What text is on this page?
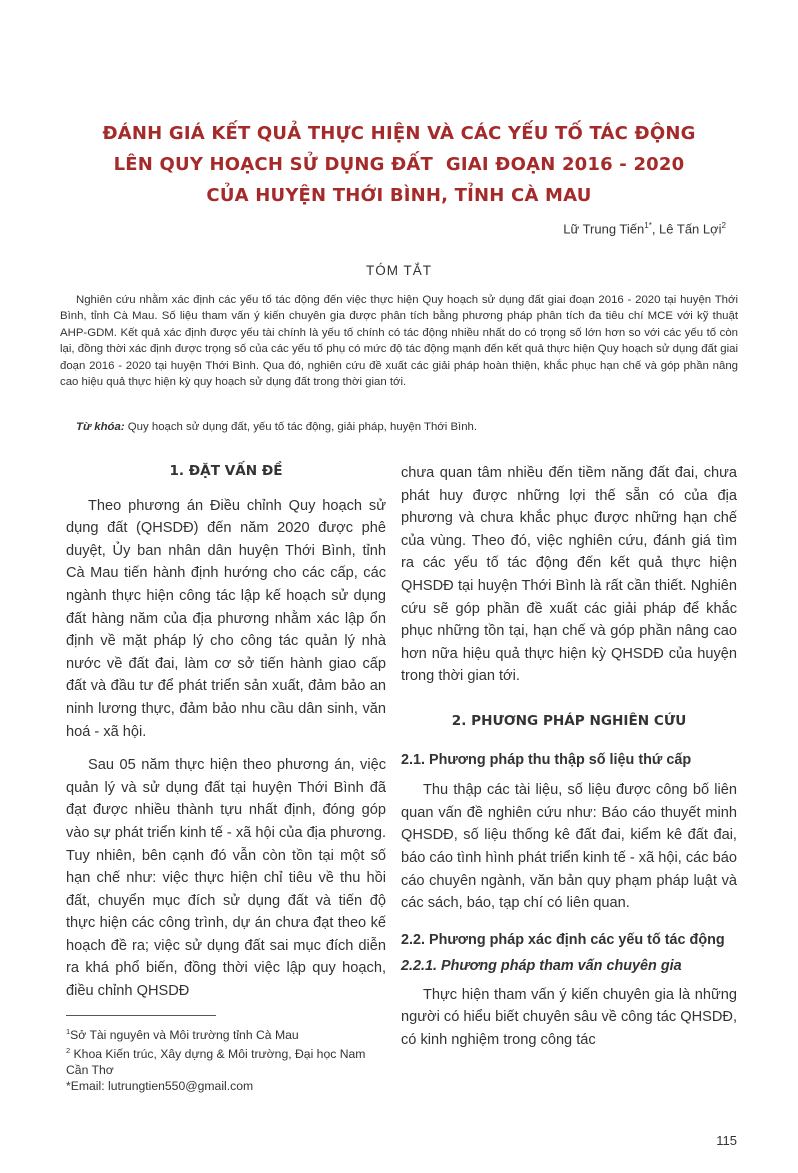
ĐÁNH GIÁ KẾT QUẢ THỰC HIỆN VÀ CÁC YẾU TỐ TÁC ĐỘNG
LÊN QUY HOẠCH SỬ DỤNG ĐẤT  GIAI ĐOẠN 2016 - 2020
CỦA HUYỆN THỚI BÌNH, TỈNH CÀ MAU
Lữ Trung Tiến$^{1*}$, Lê Tấn Lợi$^2$
TÓM TẮT

Nghiên cứu nhằm xác định các yếu tố tác động đến việc thực hiện Quy hoạch sử dụng đất giai đoạn 2016 - 2020 tại huyện Thới Bình, tỉnh Cà Mau. Số liệu tham vấn ý kiến chuyên gia được phân tích bằng phương pháp phân tích đa tiêu chí MCE với kỹ thuật AHP-GDM. Kết quả xác định được yếu tài chính là yếu tố chính có tác động nhiều nhất do có trọng số lớn hơn so với các yếu tố còn lại, đồng thời xác định được trọng số của các yếu tố phụ có mức độ tác động mạnh đến kết quả thực hiện Quy hoạch sử dụng đất giai đoạn 2016 - 2020 tại huyện Thới Bình. Qua đó, nghiên cứu đề xuất các giải pháp hoàn thiện, khắc phục hạn chế và góp phần nâng cao hiệu quả thực hiện kỳ quy hoạch sử dụng đất trong thời gian tới.

Từ khóa: Quy hoạch sử dụng đất, yếu tố tác động, giải pháp, huyện Thới Bình.
1. ĐẶT VẤN ĐỀ

Theo phương án Điều chỉnh Quy hoạch sử dụng đất (QHSDĐ) đến năm 2020 được phê duyệt, Ủy ban nhân dân huyện Thới Bình, tỉnh Cà Mau tiến hành định hướng cho các cấp, các ngành thực hiện công tác lập kế hoạch sử dụng đất hàng năm của địa phương nhằm xác lập ổn định về mặt pháp lý cho công tác quản lý nhà nước về đất đai, làm cơ sở tiến hành giao cấp đất và đầu tư để phát triển sản xuất, đảm bảo an ninh lương thực, đảm bảo nhu cầu dân sinh, văn hoá - xã hội.

Sau 05 năm thực hiện theo phương án, việc quản lý và sử dụng đất tại huyện Thới Bình đã đạt được nhiều thành tựu nhất định, đóng góp vào sự phát triển kinh tế - xã hội của địa phương. Tuy nhiên, bên cạnh đó vẫn còn tồn tại một số hạn chế như: việc thực hiện chỉ tiêu về thu hồi đất, chuyển mục đích sử dụng đất và tiến độ thực hiện các công trình, dự án chưa đạt theo kế hoạch đề ra; việc sử dụng đất sai mục đích diễn ra khá phổ biến, đồng thời việc lập quy hoạch, điều chỉnh QHSDĐ

$^1$Sở Tài nguyên và Môi trường tỉnh Cà Mau
$^2$ Khoa Kiến trúc, Xây dựng & Môi trường, Đại học Nam Cần Thơ
*Email: lutrungtien550@gmail.com

chưa quan tâm nhiều đến tiềm năng đất đai, chưa phát huy được những lợi thế sẵn có của địa phương và chưa khắc phục được những hạn chế của vùng. Theo đó, việc nghiên cứu, đánh giá tìm ra các yếu tố tác động đến kết quả thực hiện QHSDĐ tại huyện Thới Bình là rất cần thiết. Nghiên cứu sẽ góp phần đề xuất các giải pháp để khắc phục những tồn tại, hạn chế và góp phần nâng cao hơn nữa hiệu quả thực hiện kỳ QHSDĐ của huyện trong thời gian tới.

2. PHƯƠNG PHÁP NGHIÊN CỨU
2.1. Phương pháp thu thập số liệu thứ cấp

Thu thập các tài liệu, số liệu được công bố liên quan vấn đề nghiên cứu như: Báo cáo thuyết minh QHSDĐ, số liệu thống kê đất đai, kiểm kê đất đai, báo cáo tình hình phát triển kinh tế - xã hội, các báo cáo chuyên ngành, văn bản quy phạm pháp luật và các sách, báo, tạp chí có liên quan.

2.2. Phương pháp xác định các yếu tố tác động
2.2.1. Phương pháp tham vấn chuyên gia

Thực hiện tham vấn ý kiến chuyên gia là những người có hiểu biết chuyên sâu về công tác QHSDĐ, có kinh nghiệm trong công tác

115
